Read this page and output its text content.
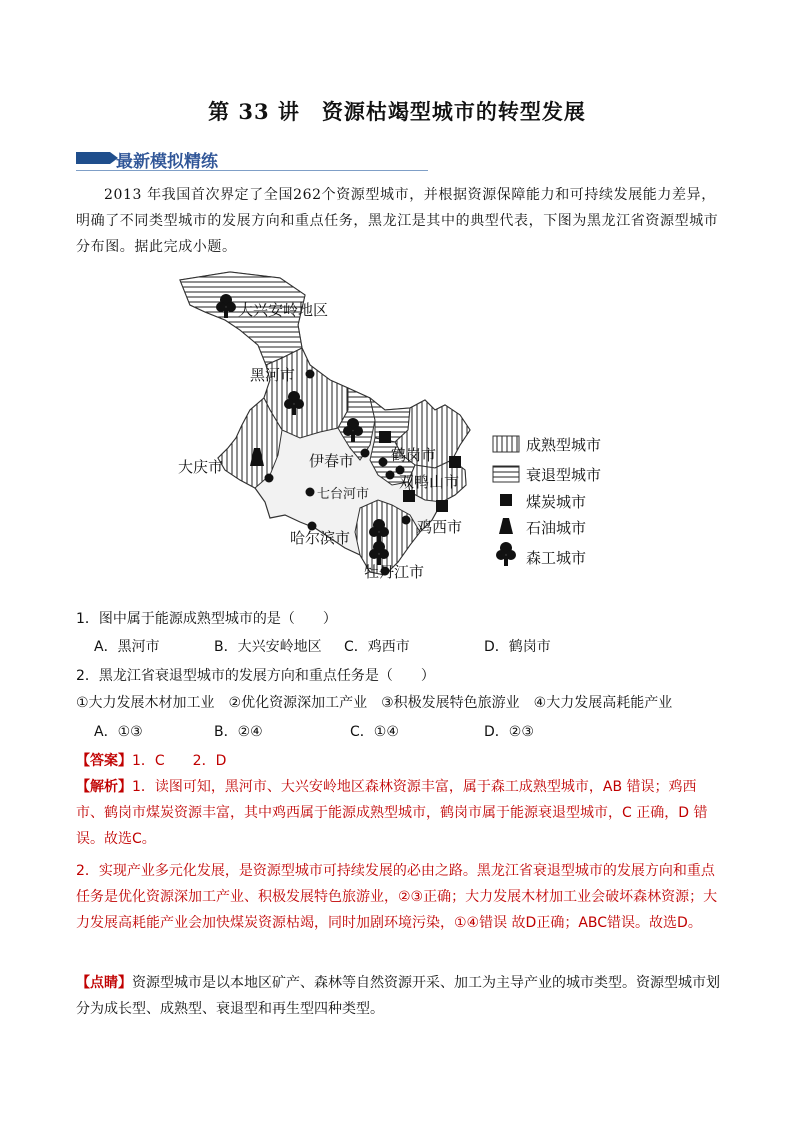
第 33 讲　资源枯竭型城市的转型发展
最新模拟精练

2013 年我国首次界定了全国262个资源型城市，并根据资源保障能力和可持续发展能力差异，明确了不同类型城市的发展方向和重点任务，黑龙江是其中的典型代表，下图为黑龙江省资源型城市分布图。据此完成小题。

大兴安岭地区
黑河市
大庆市	伊春市 鹤岗市
七台河市
双鸭山市
鸡西市
哈尔滨市
牡丹江市
成熟型城市
衰退型城市
煤炭城市
石油城市
森工城市

1．图中属于能源成熟型城市的是（　　）

A．黑河市	B．大兴安岭地区 C．鸡西市	D．鹤岗市

2．黑龙江省衰退型城市的发展方向和重点任务是（　　）

①大力发展木材加工业　②优化资源深加工产业　③积极发展特色旅游业　④大力发展高耗能产业

A．①③	B．②④	C．①④	D．②③

【答案】1．C　　2．D

【解析】1．读图可知，黑河市、大兴安岭地区森林资源丰富，属于森工成熟型城市，AB 错误；鸡西市、鹤岗市煤炭资源丰富，其中鸡西属于能源成熟型城市，鹤岗市属于能源衰退型城市，C 正确，D 错误。故选C。

2．实现产业多元化发展，是资源型城市可持续发展的必由之路。黑龙江省衰退型城市的发展方向和重点任务是优化资源深加工产业、积极发展特色旅游业，②③正确；大力发展木材加工业会破坏森林资源；大力发展高耗能产业会加快煤炭资源枯竭，同时加剧环境污染，①④错误 故D正确；ABC错误。故选D。

【点睛】资源型城市是以本地区矿产、森林等自然资源开采、加工为主导产业的城市类型。资源型城市划分为成长型、成熟型、衰退型和再生型四种类型。
